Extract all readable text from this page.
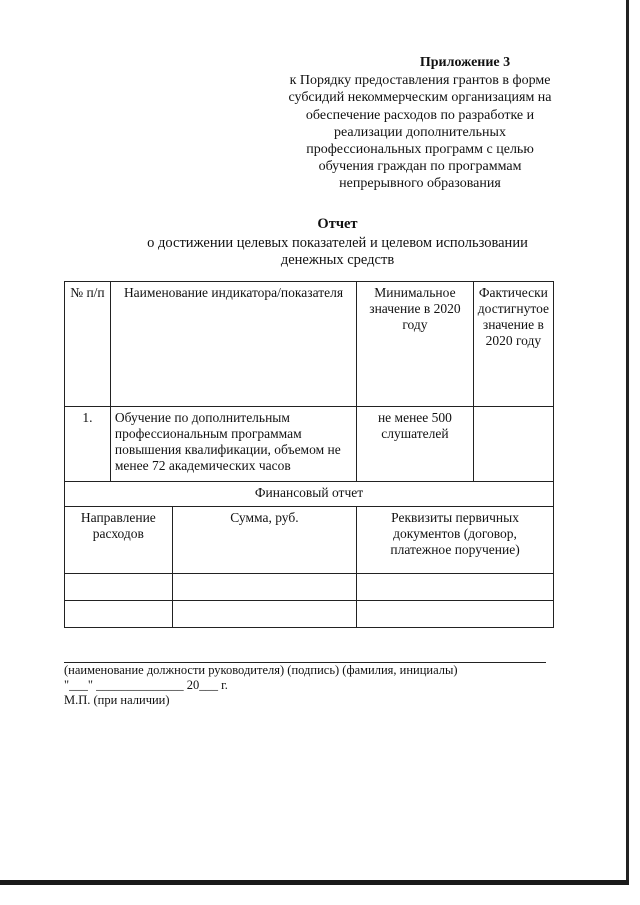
Приложение 3
к Порядку предоставления грантов в форме
субсидий некоммерческим организациям на
обеспечение расходов по разработке и
реализации дополнительных
профессиональных программ с целью
обучения граждан по программам
непрерывного образования
Отчет
о достижении целевых показателей и целевом использовании
денежных средств
№ п/п	Наименование индикатора/показателя		Минимальное значение в 2020 году	Фактически достигнутое значение в 2020 году
1.	Обучение по дополнительным профессиональным программам повышения квалификации, объемом не менее 72 академических часов		не менее 500 слушателей	
Финансовый отчет				
Направление расходов		Сумма, руб.	Реквизиты первичных документов (договор, платежное поручение)	

(наименование должности руководителя) (подпись) (фамилия, инициалы)
"___" ______________ 20___ г.
М.П. (при наличии)
